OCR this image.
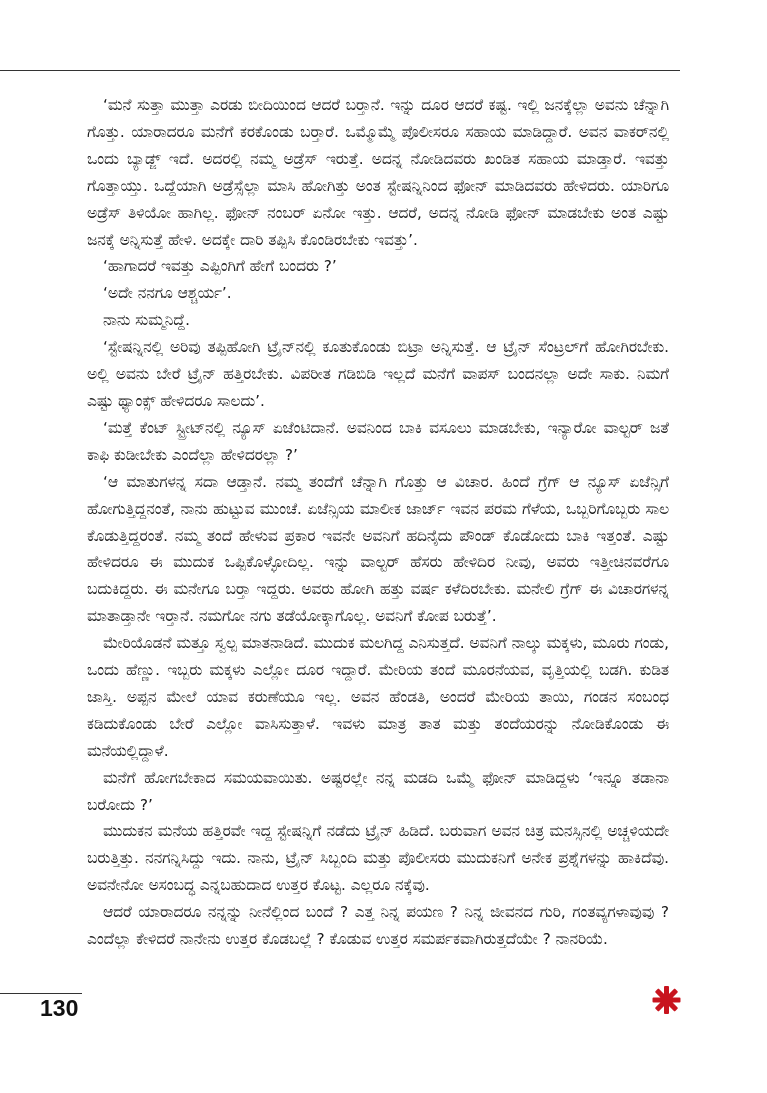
‘ಮನೆ ಸುತ್ತಾ ಮುತ್ತಾ ಎರಡು ಬೀದಿಯಿಂದ ಆದರೆ ಬರ್‍ತಾನೆ. ಇನ್ನು ದೂರ ಆದರೆ ಕಷ್ಟ. ಇಲ್ಲಿ ಜನಕ್ಕೆಲ್ಲಾ ಅವನು ಚೆನ್ನಾಗಿ ಗೊತ್ತು. ಯಾರಾದರೂ ಮನೆಗೆ ಕರಕೊಂಡು ಬರ್‍ತಾರೆ. ಒಮ್ಮೊಮ್ಮೆ ಪೊಲೀಸರೂ ಸಹಾಯ ಮಾಡಿದ್ದಾರೆ. ಅವನ ವಾಕರ್‌ನಲ್ಲಿ ಒಂದು ಬ್ಯಾಡ್ಜ್ ಇದೆ. ಅದರಲ್ಲಿ ನಮ್ಮ ಅಡ್ರೆಸ್ ಇರುತ್ತೆ. ಅದನ್ನ ನೋಡಿದವರು ಖಂಡಿತ ಸಹಾಯ ಮಾಡ್ತಾರೆ. ಇವತ್ತು ಗೊತ್ತಾಯ್ತು. ಒದ್ದೆಯಾಗಿ ಅಡ್ರೆಸ್ಸೆಲ್ಲಾ ಮಾಸಿ ಹೋಗಿತ್ತು ಅಂತ ಸ್ಟೇಷನ್ನಿನಿಂದ ಫೋನ್ ಮಾಡಿದವರು ಹೇಳಿದರು. ಯಾರಿಗೂ ಅಡ್ರೆಸ್ ತಿಳಿಯೋ ಹಾಗಿಲ್ಲ. ಫೋನ್ ನಂಬರ್ ಏನೋ ಇತ್ತು. ಆದರೆ, ಅದನ್ನ ನೋಡಿ ಫೋನ್ ಮಾಡಬೇಕು ಅಂತ ಎಷ್ಟು ಜನಕ್ಕೆ ಅನ್ನಿಸುತ್ತೆ ಹೇಳಿ. ಅದಕ್ಕೇ ದಾರಿ ತಪ್ಪಿಸಿ ಕೊಂಡಿರಬೇಕು ಇವತ್ತು’.

‘ಹಾಗಾದರೆ ಇವತ್ತು ಎಪ್ಪಿಂಗಿಗೆ ಹೇಗೆ ಬಂದರು ?’

‘ಅದೇ ನನಗೂ ಆಶ್ಚರ್ಯ’.

ನಾನು ಸುಮ್ಮನಿದ್ದೆ.

‘ಸ್ಟೇಷನ್ನಿನಲ್ಲಿ ಅರಿವು ತಪ್ಪಿಹೋಗಿ ಟ್ರೈನ್‌ನಲ್ಲಿ ಕೂತುಕೊಂಡು ಬಿಟ್ರಾ ಅನ್ನಿಸುತ್ತೆ. ಆ ಟ್ರೈನ್ ಸೆಂಟ್ರಲ್‌ಗೆ ಹೋಗಿರಬೇಕು. ಅಲ್ಲಿ ಅವನು ಬೇರೆ ಟ್ರೈನ್ ಹತ್ತಿರಬೇಕು. ವಿಪರೀತ ಗಡಿಬಿಡಿ ಇಲ್ಲದೆ ಮನೆಗೆ ವಾಪಸ್ ಬಂದನಲ್ಲಾ ಅದೇ ಸಾಕು. ನಿಮಗೆ ಎಷ್ಟು ಥ್ಯಾಂಕ್ಸ್ ಹೇಳಿದರೂ ಸಾಲದು’.

‘ಮತ್ತೆ ಕೆಂಟ್ ಸ್ಟ್ರೀಟ್‌ನಲ್ಲಿ ನ್ಯೂಸ್ ಏಜೆಂಟಿದಾನೆ. ಅವನಿಂದ ಬಾಕಿ ವಸೂಲು ಮಾಡಬೇಕು, ಇನ್ಯಾರೋ ವಾಲ್ಟರ್ ಜತೆ ಕಾಫಿ ಕುಡೀಬೇಕು ಎಂದೆಲ್ಲಾ ಹೇಳಿದರಲ್ಲಾ ?’

‘ಆ ಮಾತುಗಳನ್ನ ಸದಾ ಆಡ್ತಾನೆ. ನಮ್ಮ ತಂದೆಗೆ ಚೆನ್ನಾಗಿ ಗೊತ್ತು ಆ ವಿಚಾರ. ಹಿಂದೆ ಗ್ರೆಗ್ ಆ ನ್ಯೂಸ್ ಏಜೆನ್ಸಿಗೆ ಹೋಗುತ್ತಿದ್ದನಂತೆ, ನಾನು ಹುಟ್ಟುವ ಮುಂಚೆ. ಏಜೆನ್ಸಿಯ ಮಾಲೀಕ ಜಾರ್ಜ್ ಇವನ ಪರಮ ಗೆಳೆಯ, ಒಬ್ಬರಿಗೊಬ್ಬರು ಸಾಲ ಕೊಡುತ್ತಿದ್ದರಂತೆ. ನಮ್ಮ ತಂದೆ ಹೇಳುವ ಪ್ರಕಾರ ಇವನೇ ಅವನಿಗೆ ಹದಿನೈದು ಪೌಂಡ್ ಕೊಡೋದು ಬಾಕಿ ಇತ್ತಂತೆ. ಎಷ್ಟು ಹೇಳಿದರೂ ಈ ಮುದುಕ ಒಪ್ಪಿಕೊಳ್ಳೋದಿಲ್ಲ. ಇನ್ನು ವಾಲ್ಟರ್ ಹೆಸರು ಹೇಳಿದಿರ ನೀವು, ಅವರು ಇತ್ತೀಚಿನವರೆಗೂ ಬದುಕಿದ್ದರು. ಈ ಮನೇಗೂ ಬರ್‍ತಾ ಇದ್ದರು. ಅವರು ಹೋಗಿ ಹತ್ತು ವರ್ಷ ಕಳೆದಿರಬೇಕು. ಮನೇಲಿ ಗ್ರೆಗ್ ಈ ವಿಚಾರಗಳನ್ನ ಮಾತಾಡ್ತಾನೇ ಇರ್‍ತಾನೆ. ನಮಗೋ ನಗು ತಡೆಯೋಕ್ಕಾಗೊಲ್ಲ. ಅವನಿಗೆ ಕೋಪ ಬರುತ್ತೆ’.

ಮೇರಿಯೊಡನೆ ಮತ್ತೂ ಸ್ವಲ್ಪ ಮಾತನಾಡಿದೆ. ಮುದುಕ ಮಲಗಿದ್ದ ಎನಿಸುತ್ತದೆ. ಅವನಿಗೆ ನಾಲ್ಕು ಮಕ್ಕಳು, ಮೂರು ಗಂಡು, ಒಂದು ಹೆಣ್ಣು. ಇಬ್ಬರು ಮಕ್ಕಳು ಎಲ್ಲೋ ದೂರ ಇದ್ದಾರೆ. ಮೇರಿಯ ತಂದೆ ಮೂರನೆಯವ, ವೃತ್ತಿಯಲ್ಲಿ ಬಡಗಿ. ಕುಡಿತ ಜಾಸ್ತಿ. ಅಪ್ಪನ ಮೇಲೆ ಯಾವ ಕರುಣೆಯೂ ಇಲ್ಲ. ಅವನ ಹೆಂಡತಿ, ಅಂದರೆ ಮೇರಿಯ ತಾಯಿ, ಗಂಡನ ಸಂಬಂಧ ಕಡಿದುಕೊಂಡು ಬೇರೆ ಎಲ್ಲೋ ವಾಸಿಸುತ್ತಾಳೆ. ಇವಳು ಮಾತ್ರ ತಾತ ಮತ್ತು ತಂದೆಯರನ್ನು ನೋಡಿಕೊಂಡು ಈ ಮನೆಯಲ್ಲಿದ್ದಾಳೆ.

ಮನೆಗೆ ಹೋಗಬೇಕಾದ ಸಮಯವಾಯಿತು. ಅಷ್ಟರಲ್ಲೇ ನನ್ನ ಮಡದಿ ಒಮ್ಮೆ ಫೋನ್ ಮಾಡಿದ್ದಳು ‘ಇನ್ನೂ ತಡಾನಾ ಬರೋದು ?’

ಮುದುಕನ ಮನೆಯ ಹತ್ತಿರವೇ ಇದ್ದ ಸ್ಟೇಷನ್ನಿಗೆ ನಡೆದು ಟ್ರೈನ್ ಹಿಡಿದೆ. ಬರುವಾಗ ಅವನ ಚಿತ್ರ ಮನಸ್ಸಿನಲ್ಲಿ ಅಚ್ಚಳಿಯದೇ ಬರುತ್ತಿತ್ತು. ನನಗನ್ನಿಸಿದ್ದು ಇದು. ನಾನು, ಟ್ರೈನ್ ಸಿಬ್ಬಂದಿ ಮತ್ತು ಪೊಲೀಸರು ಮುದುಕನಿಗೆ ಅನೇಕ ಪ್ರಶ್ನೆಗಳನ್ನು ಹಾಕಿದೆವು. ಅವನೇನೋ ಅಸಂಬದ್ಧ ಎನ್ನಬಹುದಾದ ಉತ್ತರ ಕೊಟ್ಟ. ಎಲ್ಲರೂ ನಕ್ಕೆವು.

ಆದರೆ ಯಾರಾದರೂ ನನ್ನನ್ನು ನೀನೆಲ್ಲಿಂದ ಬಂದೆ ? ಎತ್ತ ನಿನ್ನ ಪಯಣ ? ನಿನ್ನ ಜೀವನದ ಗುರಿ, ಗಂತವ್ಯಗಳಾವುವು ? ಎಂದೆಲ್ಲಾ ಕೇಳಿದರೆ ನಾನೇನು ಉತ್ತರ ಕೊಡಬಲ್ಲೆ ? ಕೊಡುವ ಉತ್ತರ ಸಮರ್ಪಕವಾಗಿರುತ್ತದೆಯೇ ? ನಾನರಿಯೆ.

130
